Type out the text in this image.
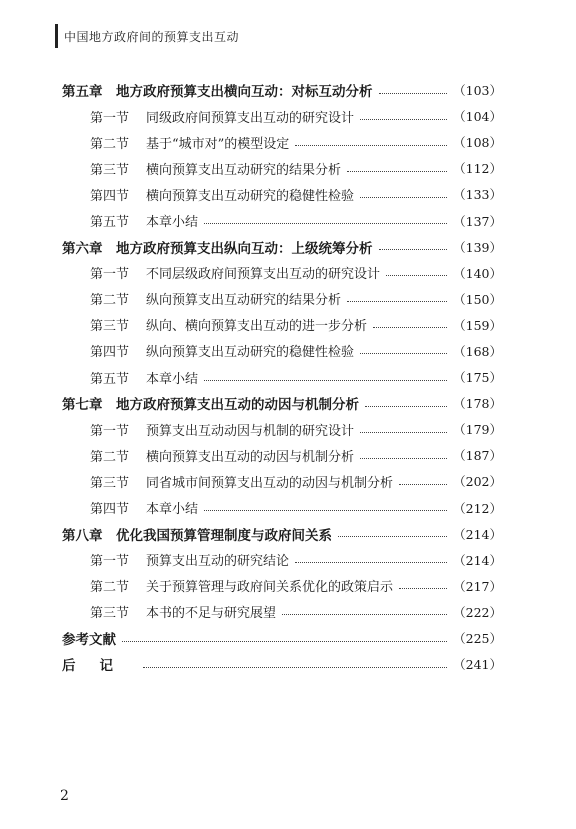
中国地方政府间的预算支出互动
第五章	地方政府预算支出横向互动：对标互动分析	（103）
第一节	同级政府间预算支出互动的研究设计	（104）
第二节	基于“城市对”的模型设定	（108）
第三节	横向预算支出互动研究的结果分析	（112）
第四节	横向预算支出互动研究的稳健性检验	（133）
第五节	本章小结	（137）
第六章	地方政府预算支出纵向互动：上级统筹分析	（139）
第一节	不同层级政府间预算支出互动的研究设计	（140）
第二节	纵向预算支出互动研究的结果分析	（150）
第三节	纵向、横向预算支出互动的进一步分析	（159）
第四节	纵向预算支出互动研究的稳健性检验	（168）
第五节	本章小结	（175）
第七章	地方政府预算支出互动的动因与机制分析	（178）
第一节	预算支出互动动因与机制的研究设计	（179）
第二节	横向预算支出互动的动因与机制分析	（187）
第三节	同省城市间预算支出互动的动因与机制分析	（202）
第四节	本章小结	（212）
第八章	优化我国预算管理制度与政府间关系	（214）
第一节	预算支出互动的研究结论	（214）
第二节	关于预算管理与政府间关系优化的政策启示	（217）
第三节	本书的不足与研究展望	（222）
参考文献	（225）
后记	（241）
2
